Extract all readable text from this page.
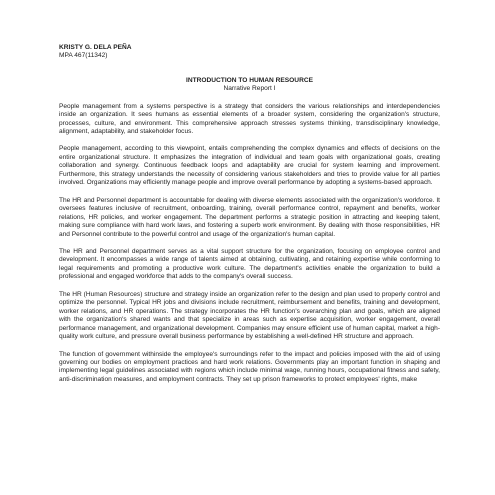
KRISTY G. DELA PEÑA

MPA 467(11342)

INTRODUCTION TO HUMAN RESOURCE

Narrative Report I

People management from a systems perspective is a strategy that considers the various relationships and interdependencies inside an organization. It sees humans as essential elements of a broader system, considering the organization's structure, processes, culture, and environment. This comprehensive approach stresses systems thinking, transdisciplinary knowledge, alignment, adaptability, and stakeholder focus.

People management, according to this viewpoint, entails comprehending the complex dynamics and effects of decisions on the entire organizational structure. It emphasizes the integration of individual and team goals with organizational goals, creating collaboration and synergy. Continuous feedback loops and adaptability are crucial for system learning and improvement. Furthermore, this strategy understands the necessity of considering various stakeholders and tries to provide value for all parties involved. Organizations may efficiently manage people and improve overall performance by adopting a systems-based approach.

The HR and Personnel department is accountable for dealing with diverse elements associated with the organization's workforce. It oversees features inclusive of recruitment, onboarding, training, overall performance control, repayment and benefits, worker relations, HR policies, and worker engagement. The department performs a strategic position in attracting and keeping talent, making sure compliance with hard work laws, and fostering a superb work environment. By dealing with those responsibilities, HR and Personnel contribute to the powerful control and usage of the organization's human capital.

The HR and Personnel department serves as a vital support structure for the organization, focusing on employee control and development. It encompasses a wide range of talents aimed at obtaining, cultivating, and retaining expertise while conforming to legal requirements and promoting a productive work culture. The department's activities enable the organization to build a professional and engaged workforce that adds to the company's overall success.

The HR (Human Resources) structure and strategy inside an organization refer to the design and plan used to properly control and optimize the personnel. Typical HR jobs and divisions include recruitment, reimbursement and benefits, training and development, worker relations, and HR operations. The strategy incorporates the HR function's overarching plan and goals, which are aligned with the organization's shared wants and that specialize in areas such as expertise acquisition, worker engagement, overall performance management, and organizational development. Companies may ensure efficient use of human capital, market a high-quality work culture, and pressure overall business performance by establishing a well-defined HR structure and approach.

The function of government withinside the employee's surroundings refer to the impact and policies imposed with the aid of using governing our bodies on employment practices and hard work relations. Governments play an important function in shaping and implementing legal guidelines associated with regions which include minimal wage, running hours, occupational fitness and safety, anti-discrimination measures, and employment contracts. They set up prison frameworks to protect employees' rights, make
